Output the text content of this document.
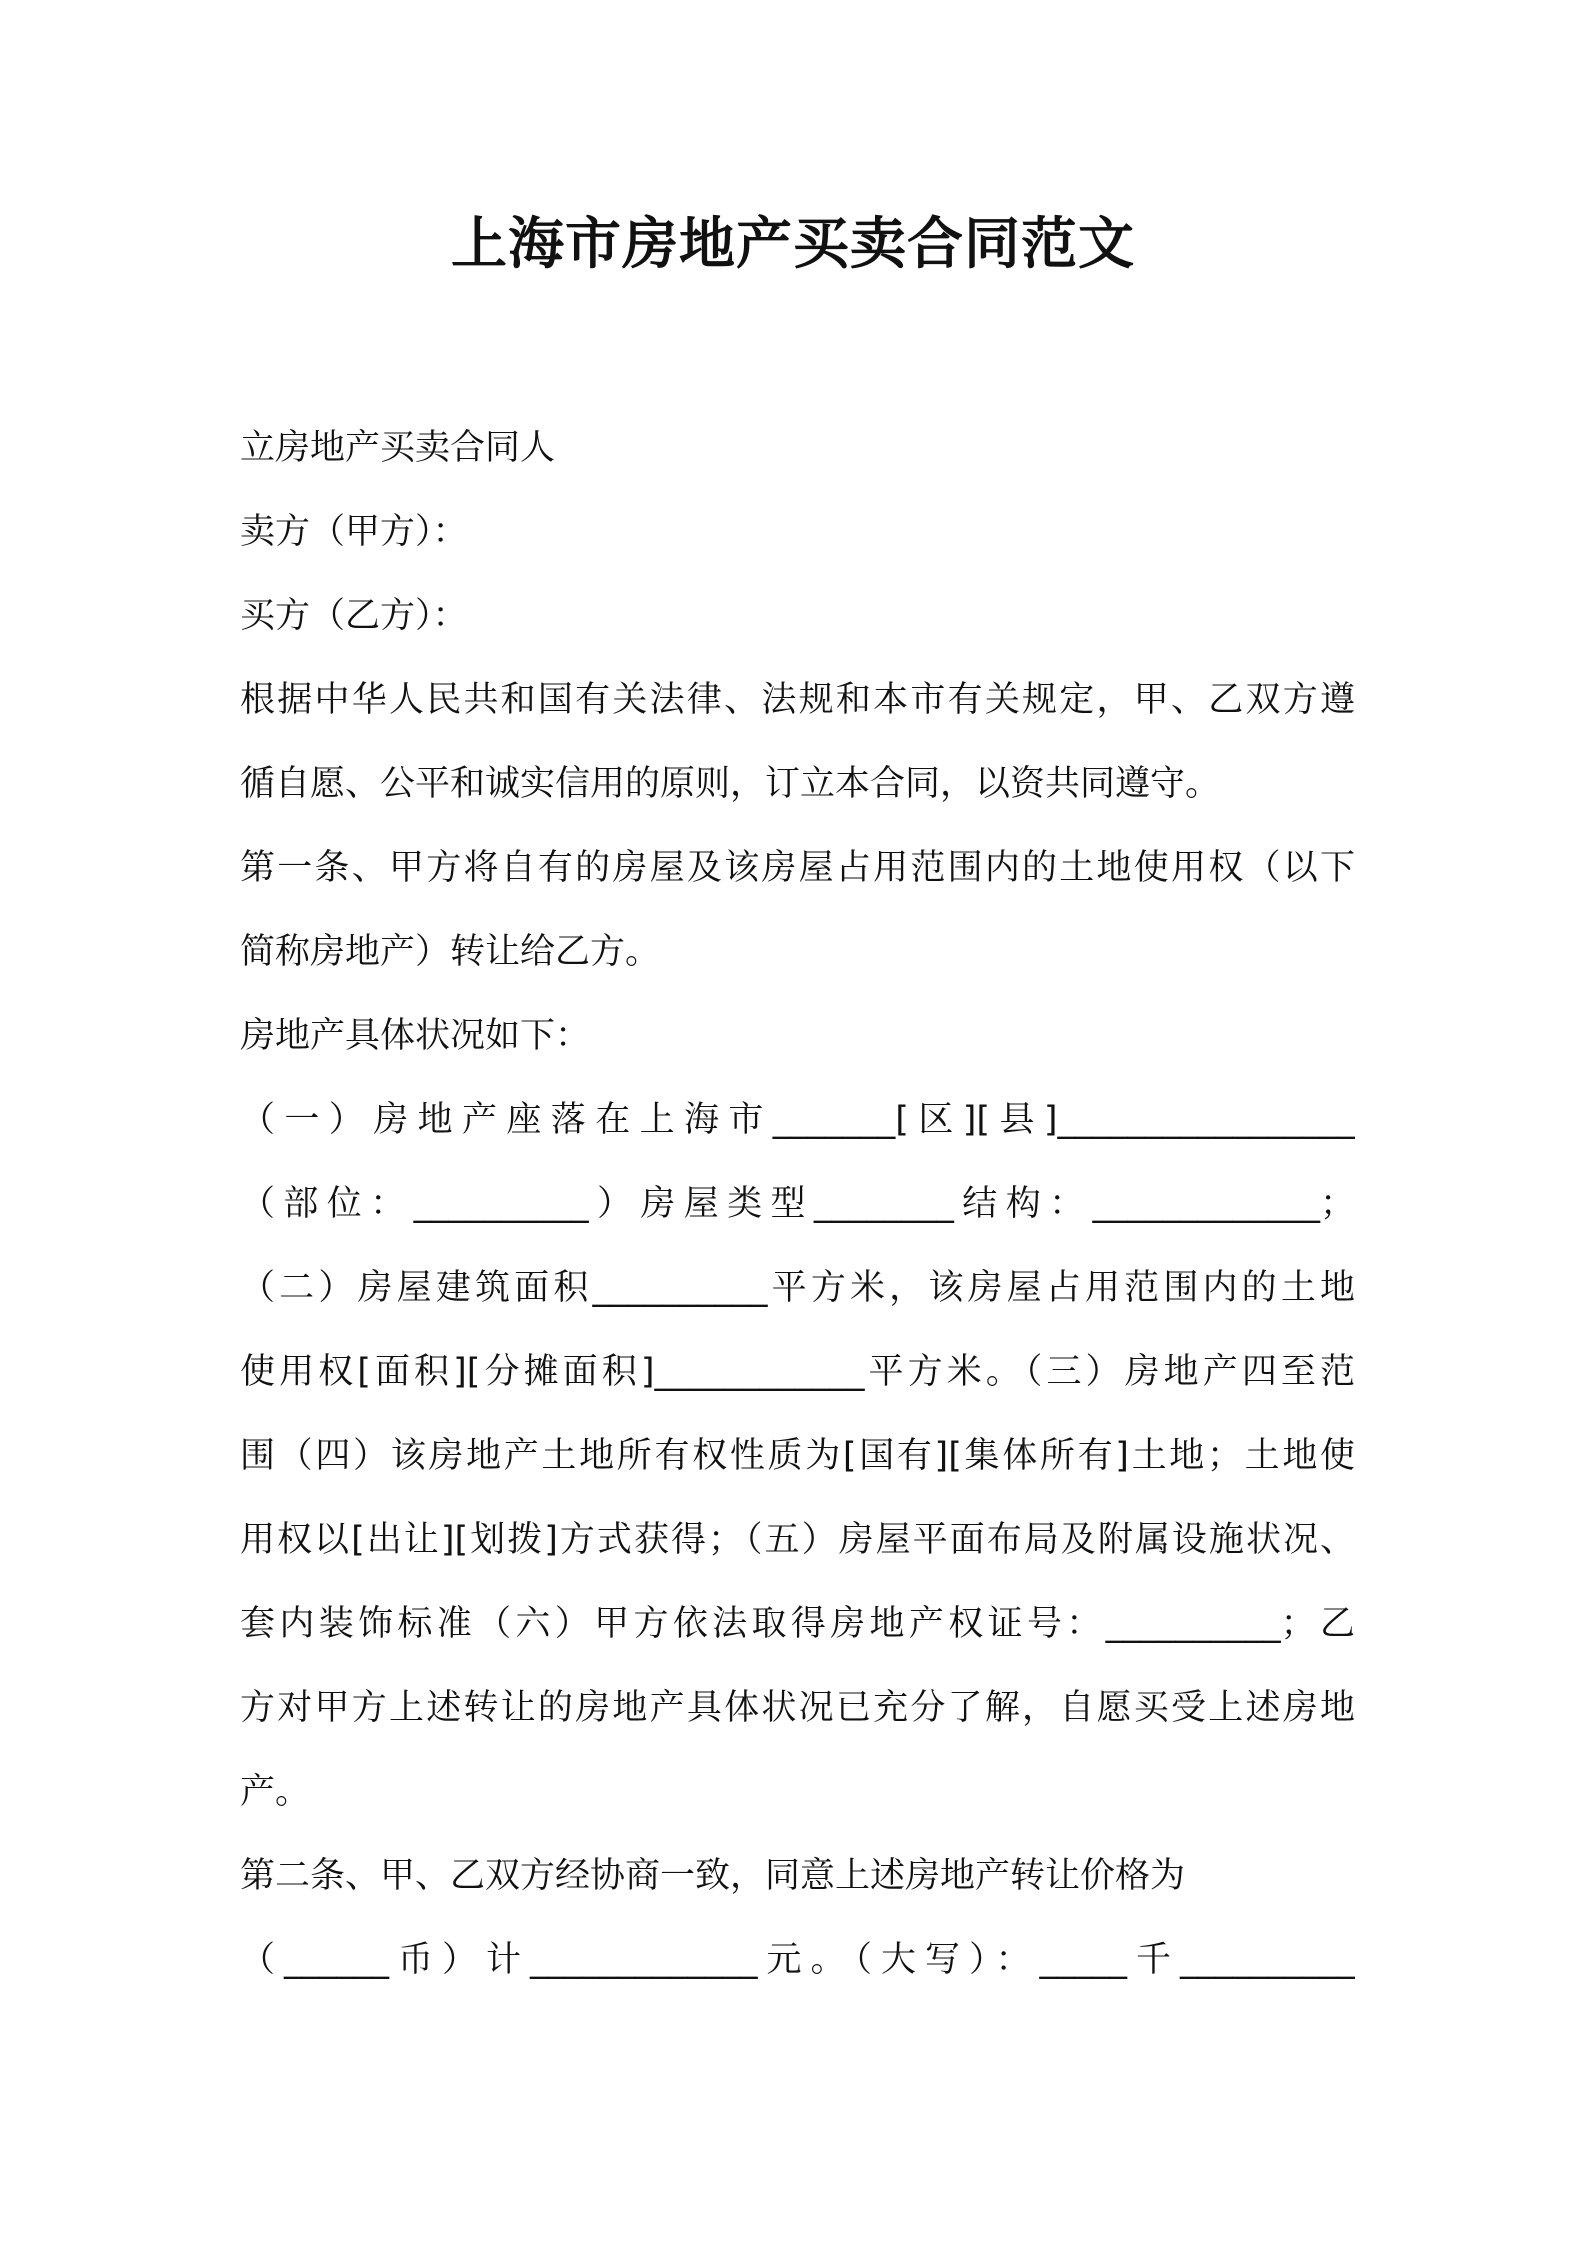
上海市房地产买卖合同范文
立房地产买卖合同人
卖方（甲方）：
买方（乙方）：
根据中华人民共和国有关法律、法规和本市有关规定，甲、乙双方遵
循自愿、公平和诚实信用的原则，订立本合同，以资共同遵守。
第一条、甲方将自有的房屋及该房屋占用范围内的土地使用权（以下
简称房地产）转让给乙方。
房地产具体状况如下：
（一）房地产座落在上海市_______[区][县]_________________
（部位：__________）房屋类型________结构：_____________；
（二）房屋建筑面积__________平方米，该房屋占用范围内的土地
使用权[面积][分摊面积]____________平方米。（三）房地产四至范
围（四）该房地产土地所有权性质为[国有][集体所有]土地；土地使
用权以[出让][划拨]方式获得；（五）房屋平面布局及附属设施状况、
套内装饰标准（六）甲方依法取得房地产权证号：__________；乙
方对甲方上述转让的房地产具体状况已充分了解，自愿买受上述房地
产。
第二条、甲、乙双方经协商一致，同意上述房地产转让价格为
（______币）计_____________元。（大写）：_____千__________
